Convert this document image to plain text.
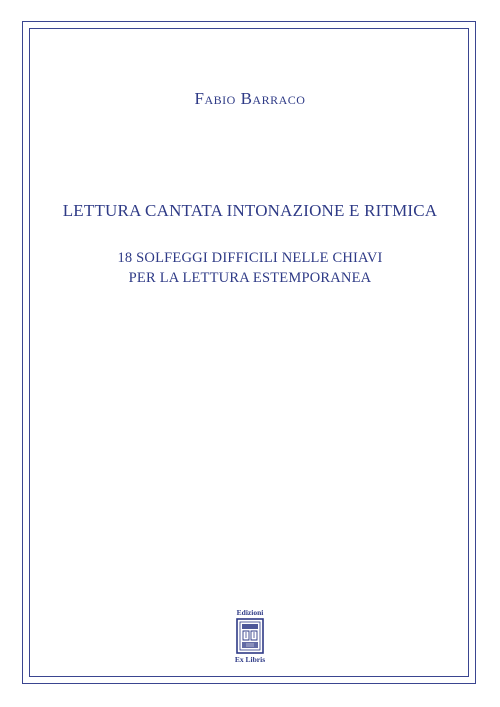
Fabio Barraco
LETTURA CANTATA INTONAZIONE E RITMICA
18 SOLFEGGI DIFFICILI NELLE CHIAVI
PER LA LETTURA ESTEMPORANEA
Edizioni
Ex Libris
